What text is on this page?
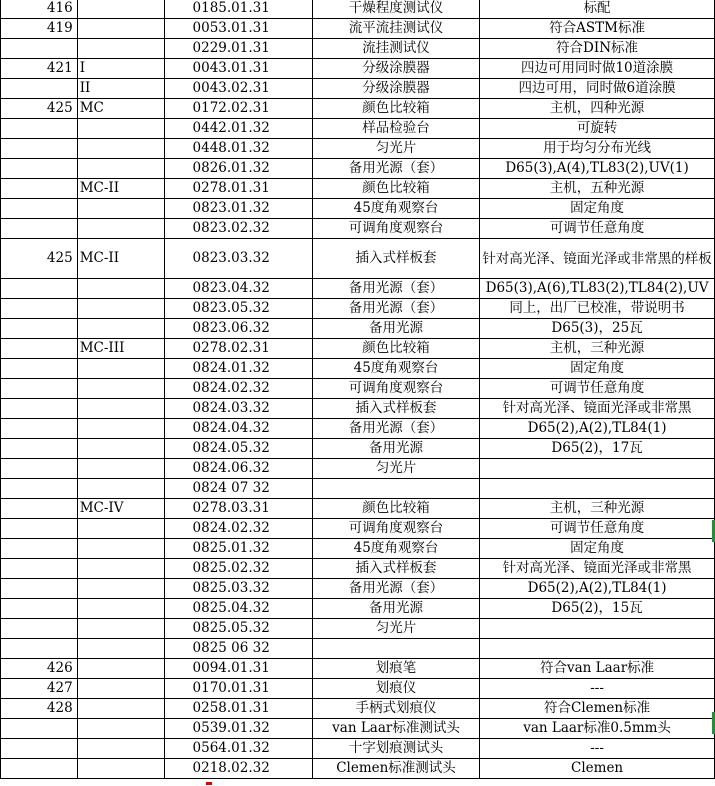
416		0185.01.31	干燥程度测试仪	标配
419		0053.01.31	流平流挂测试仪	符合ASTM标准
		0229.01.31	流挂测试仪	符合DIN标准
421	I	0043.01.31	分级涂膜器	四边可用同时做10道涂膜
	II	0043.02.31	分级涂膜器	四边可用，同时做6道涂膜
425	MC	0172.02.31	颜色比较箱	主机，四种光源
		0442.01.32	样品检验台	可旋转
		0448.01.32	匀光片	用于均匀分布光线
		0826.01.32	备用光源（套）	D65(3),A(4),TL83(2),UV(1)
	MC-II	0278.01.31	颜色比较箱	主机，五种光源
		0823.01.32	45度角观察台	固定角度
		0823.02.32	可调角度观察台	可调节任意角度
425	MC-II	0823.03.32	插入式样板套	针对高光泽、镜面光泽或非常黑的样板
		0823.04.32	备用光源（套）	D65(3),A(6),TL83(2),TL84(2),UV
		0823.05.32	备用光源（套）	同上，出厂已校准，带说明书
		0823.06.32	备用光源	D65(3)，25瓦
	MC-III	0278.02.31	颜色比较箱	主机，三种光源
		0824.01.32	45度角观察台	固定角度
		0824.02.32	可调角度观察台	可调节任意角度
		0824.03.32	插入式样板套	针对高光泽、镜面光泽或非常黑
		0824.04.32	备用光源（套）	D65(2),A(2),TL84(1)
		0824.05.32	备用光源	D65(2)，17瓦
		0824.06.32	匀光片	
		0824 07 32		
	MC-IV	0278.03.31	颜色比较箱	主机，三种光源
		0824.02.32	可调角度观察台	可调节任意角度
		0825.01.32	45度角观察台	固定角度
		0825.02.32	插入式样板套	针对高光泽、镜面光泽或非常黑
		0825.03.32	备用光源（套）	D65(2),A(2),TL84(1)
		0825.04.32	备用光源	D65(2)，15瓦
		0825.05.32	匀光片	
		0825 06 32		
426		0094.01.31	划痕笔	符合van Laar标准
427		0170.01.31	划痕仪	---
428		0258.01.31	手柄式划痕仪	符合Clemen标准
		0539.01.32	van Laar标准测试头	van Laar标准0.5mm头
		0564.01.32	十字划痕测试头	---
		0218.02.32	Clemen标准测试头	Clemen
